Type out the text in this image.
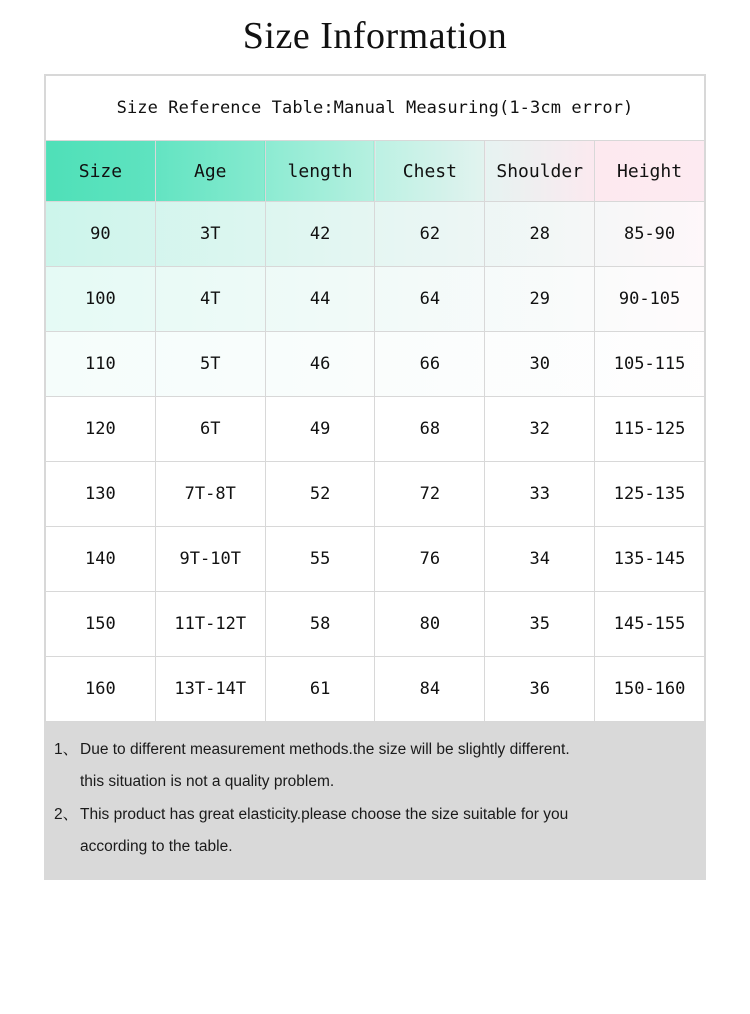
Size Information
Size Reference Table:Manual Measuring(1-3cm error)					
Size	Age	length	Chest	Shoulder	Height
90	3T	42	62	28	85-90
100	4T	44	64	29	90-105
110	5T	46	66	30	105-115
120	6T	49	68	32	115-125
130	7T-8T	52	72	33	125-135
140	9T-10T	55	76	34	135-145
150	11T-12T	58	80	35	145-155
160	13T-14T	61	84	36	150-160
1、 Due to different measurement methods.the size will be slightly different.
this situation is not a quality problem.
2、 This product has great elasticity.please choose the size suitable for you
according to the table.
